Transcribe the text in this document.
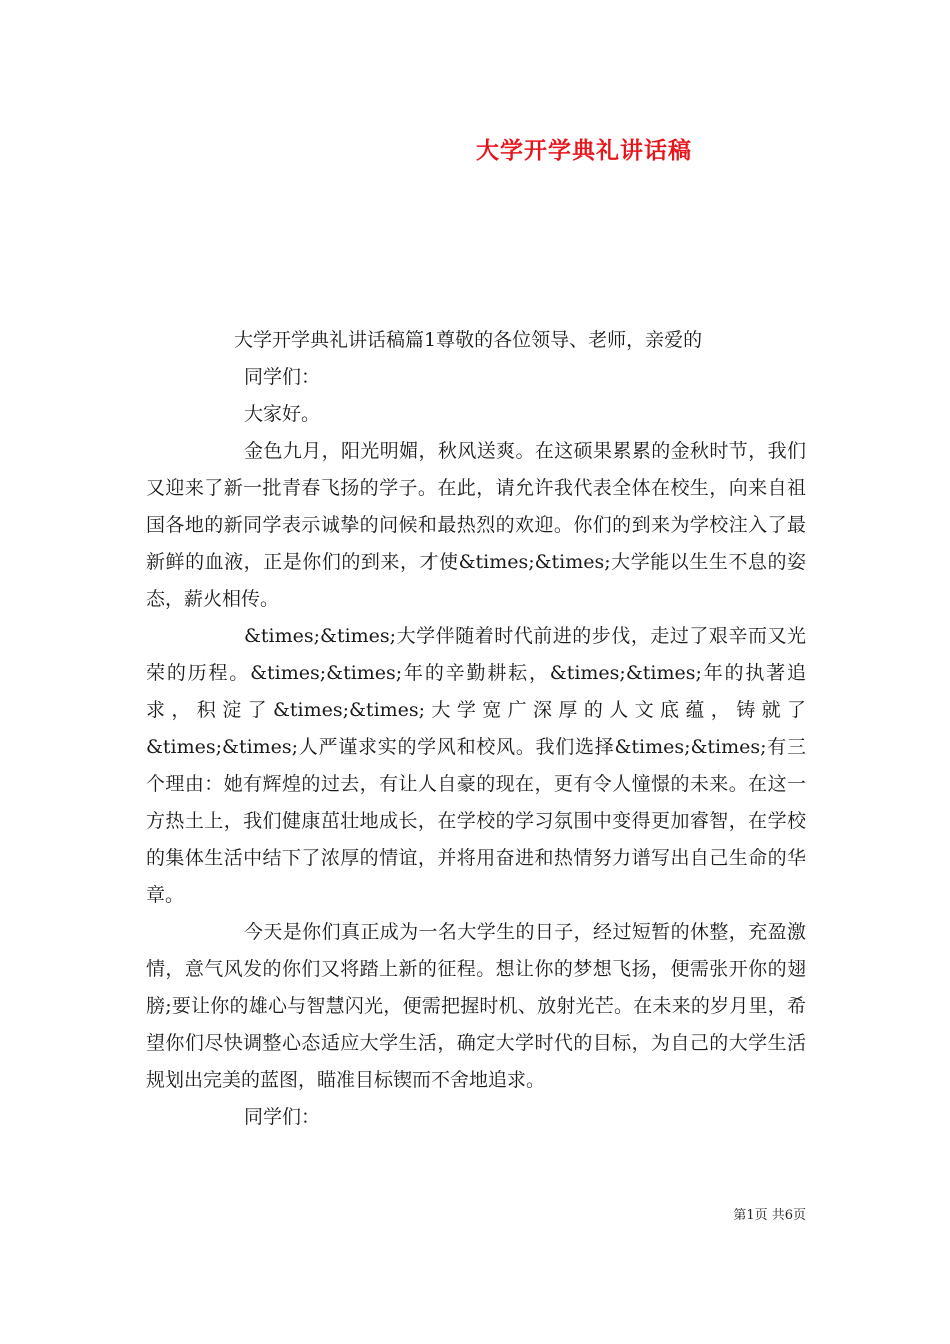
大学开学典礼讲话稿

大学开学典礼讲话稿篇1尊敬的各位领导、老师，亲爱的

同学们：

大家好。

金色九月，阳光明媚，秋风送爽。在这硕果累累的金秋时节，我们又迎来了新一批青春飞扬的学子。在此，请允许我代表全体在校生，向来自祖国各地的新同学表示诚挚的问候和最热烈的欢迎。你们的到来为学校注入了最新鲜的血液，正是你们的到来，才使&times;&times;大学能以生生不息的姿态，薪火相传。

&times;&times;大学伴随着时代前进的步伐，走过了艰辛而又光荣的历程。&times;&times;年的辛勤耕耘，&times;&times;年的执著追求，积淀了&times;&times;大学宽广深厚的人文底蕴，铸就了&times;&times;人严谨求实的学风和校风。我们选择&times;&times;有三个理由：她有辉煌的过去，有让人自豪的现在，更有令人憧憬的未来。在这一方热土上，我们健康茁壮地成长，在学校的学习氛围中变得更加睿智，在学校的集体生活中结下了浓厚的情谊，并将用奋进和热情努力谱写出自己生命的华章。

今天是你们真正成为一名大学生的日子，经过短暂的休整，充盈激情，意气风发的你们又将踏上新的征程。想让你的梦想飞扬，便需张开你的翅膀;要让你的雄心与智慧闪光，便需把握时机、放射光芒。在未来的岁月里，希望你们尽快调整心态适应大学生活，确定大学时代的目标，为自己的大学生活规划出完美的蓝图，瞄准目标锲而不舍地追求。

同学们：

第1页 共6页
